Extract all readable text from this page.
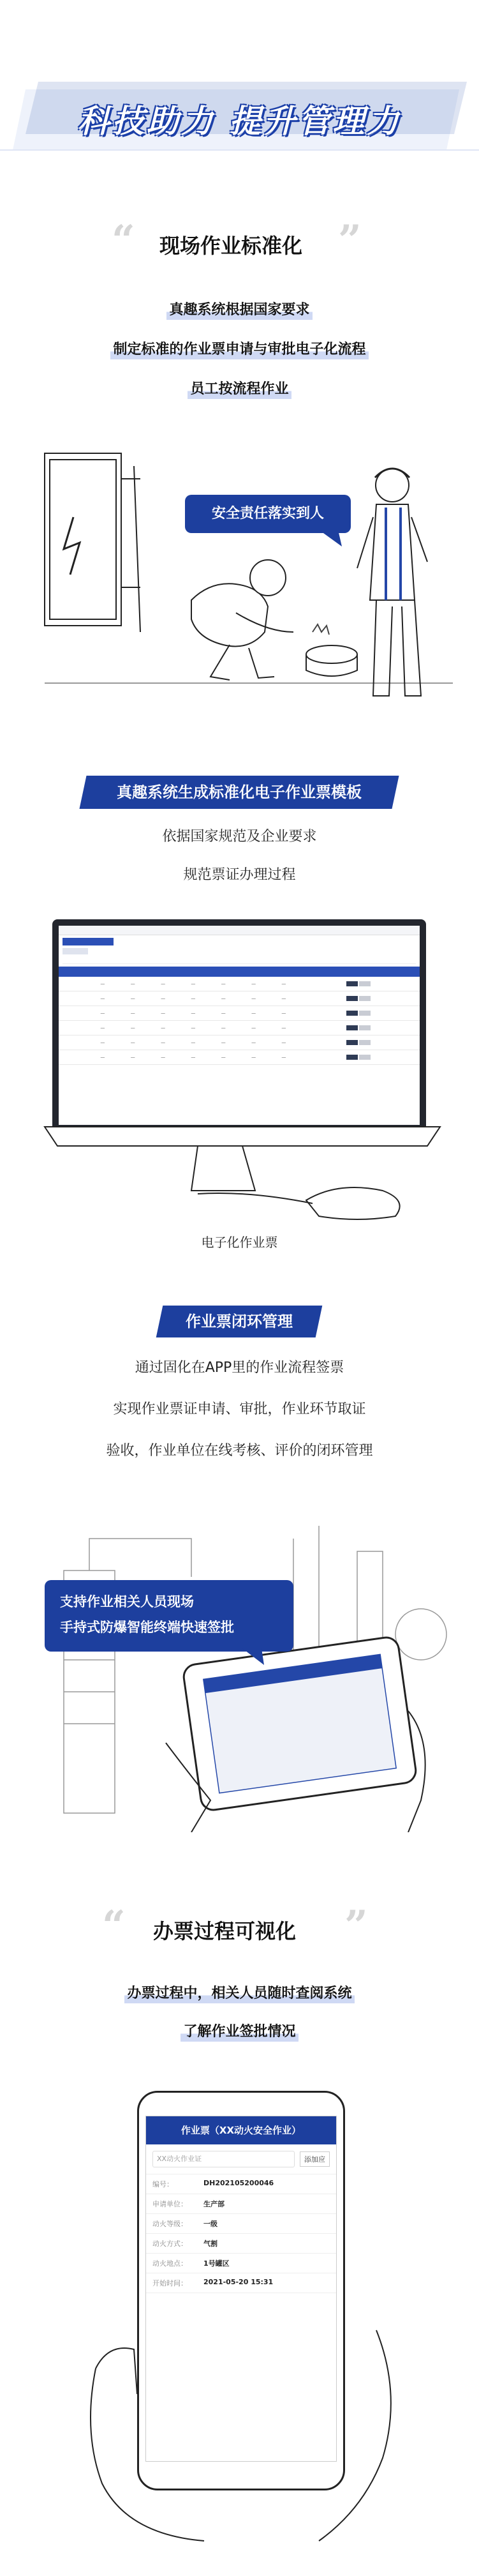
科技助力 提升管理力
“ 现场作业标准化 ”
真趣系统根据国家要求
制定标准的作业票申请与审批电子化流程
员工按流程作业
安全责任落实到人
真趣系统生成标准化电子作业票模板
依据国家规范及企业要求
规范票证办理过程

	—	—	—	—	—	—	—	
	—	—	—	—	—	—	—	
	—	—	—	—	—	—	—	
	—	—	—	—	—	—	—	
	—	—	—	—	—	—	—	
	—	—	—	—	—	—	—	
电子化作业票
作业票闭环管理
通过固化在APP里的作业流程签票
实现作业票证申请、审批，作业环节取证
验收，作业单位在线考核、评价的闭环管理
支持作业相关人员现场
手持式防爆智能终端快速签批
“ 办票过程可视化 ”
办票过程中，相关人员随时查阅系统
了解作业签批情况
作业票（XX动火安全作业）
XX动火作业证	添加应
编号：	DH20210520004​6
申请单位：	生产部
动火等级：	一级
动火方式：	气割
动火地点：	1号罐区
开始时间：	2021-05-20 15:31
